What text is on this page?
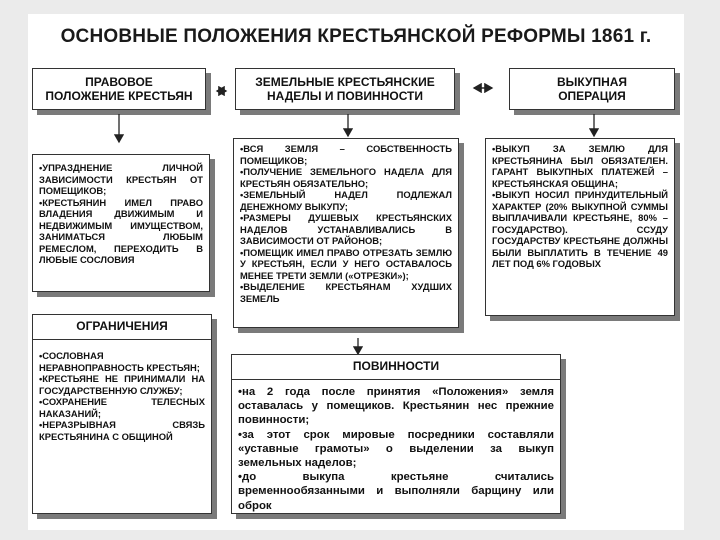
ОСНОВНЫЕ ПОЛОЖЕНИЯ КРЕСТЬЯНСКОЙ РЕФОРМЫ 1861 г.
ПРАВОВОЕ
ПОЛОЖЕНИЕ КРЕСТЬЯН
ЗЕМЕЛЬНЫЕ КРЕСТЬЯНСКИЕ
НАДЕЛЫ И ПОВИННОСТИ
ВЫКУПНАЯ
ОПЕРАЦИЯ
• УПРАЗДНЕНИЕ ЛИЧНОЙ ЗАВИСИМОСТИ КРЕСТЬЯН ОТ ПОМЕЩИКОВ;
• КРЕСТЬЯНИН ИМЕЛ ПРАВО ВЛАДЕНИЯ ДВИЖИМЫМ И НЕДВИЖИМЫМ ИМУЩЕСТВОМ, ЗАНИМАТЬСЯ ЛЮБЫМ РЕМЕСЛОМ, ПЕРЕХОДИТЬ В ЛЮБЫЕ СОСЛОВИЯ
• ВСЯ ЗЕМЛЯ – СОБСТВЕННОСТЬ ПОМЕЩИКОВ;
• ПОЛУЧЕНИЕ ЗЕМЕЛЬНОГО НАДЕЛА ДЛЯ КРЕСТЬЯН ОБЯЗАТЕЛЬНО;
• ЗЕМЕЛЬНЫЙ НАДЕЛ ПОДЛЕЖАЛ ДЕНЕЖНОМУ ВЫКУПУ;
• РАЗМЕРЫ ДУШЕВЫХ КРЕСТЬЯНСКИХ НАДЕЛОВ УСТАНАВЛИВАЛИСЬ В ЗАВИСИМОСТИ ОТ РАЙОНОВ;
• ПОМЕЩИК ИМЕЛ ПРАВО ОТРЕЗАТЬ ЗЕМЛЮ У КРЕСТЬЯН, ЕСЛИ У НЕГО ОСТАВАЛОСЬ МЕНЕЕ ТРЕТИ ЗЕМЛИ («ОТРЕЗКИ»);
• ВЫДЕЛЕНИЕ КРЕСТЬЯНАМ ХУДШИХ ЗЕМЕЛЬ
• ВЫКУП ЗА ЗЕМЛЮ ДЛЯ КРЕСТЬЯНИНА БЫЛ ОБЯЗАТЕЛЕН. ГАРАНТ ВЫКУПНЫХ ПЛАТЕЖЕЙ – КРЕСТЬЯНСКАЯ ОБЩИНА;
• ВЫКУП НОСИЛ ПРИНУДИТЕЛЬНЫЙ ХАРАКТЕР (20% ВЫКУПНОЙ СУММЫ ВЫПЛАЧИВАЛИ КРЕСТЬЯНЕ, 80% – ГОСУДАРСТВО). ССУДУ ГОСУДАРСТВУ КРЕСТЬЯНЕ ДОЛЖНЫ БЫЛИ ВЫПЛАТИТЬ В ТЕЧЕНИЕ 49 ЛЕТ ПОД 6% ГОДОВЫХ
ОГРАНИЧЕНИЯ
• СОСЛОВНАЯ НЕРАВНОПРАВНОСТЬ КРЕСТЬЯН;
• КРЕСТЬЯНЕ НЕ ПРИНИМАЛИ НА ГОСУДАРСТВЕННУЮ СЛУЖБУ;
• СОХРАНЕНИЕ ТЕЛЕСНЫХ НАКАЗАНИЙ;
• НЕРАЗРЫВНАЯ СВЯЗЬ КРЕСТЬЯНИНА С ОБЩИНОЙ
ПОВИННОСТИ
• на 2 года после принятия «Положения» земля оставалась у помещиков. Крестьянин нес прежние повинности;
• за этот срок мировые посредники составляли «уставные грамоты» о выделении за выкуп земельных наделов;
• до выкупа крестьяне считались временнообязанными и выполняли барщину или оброк
